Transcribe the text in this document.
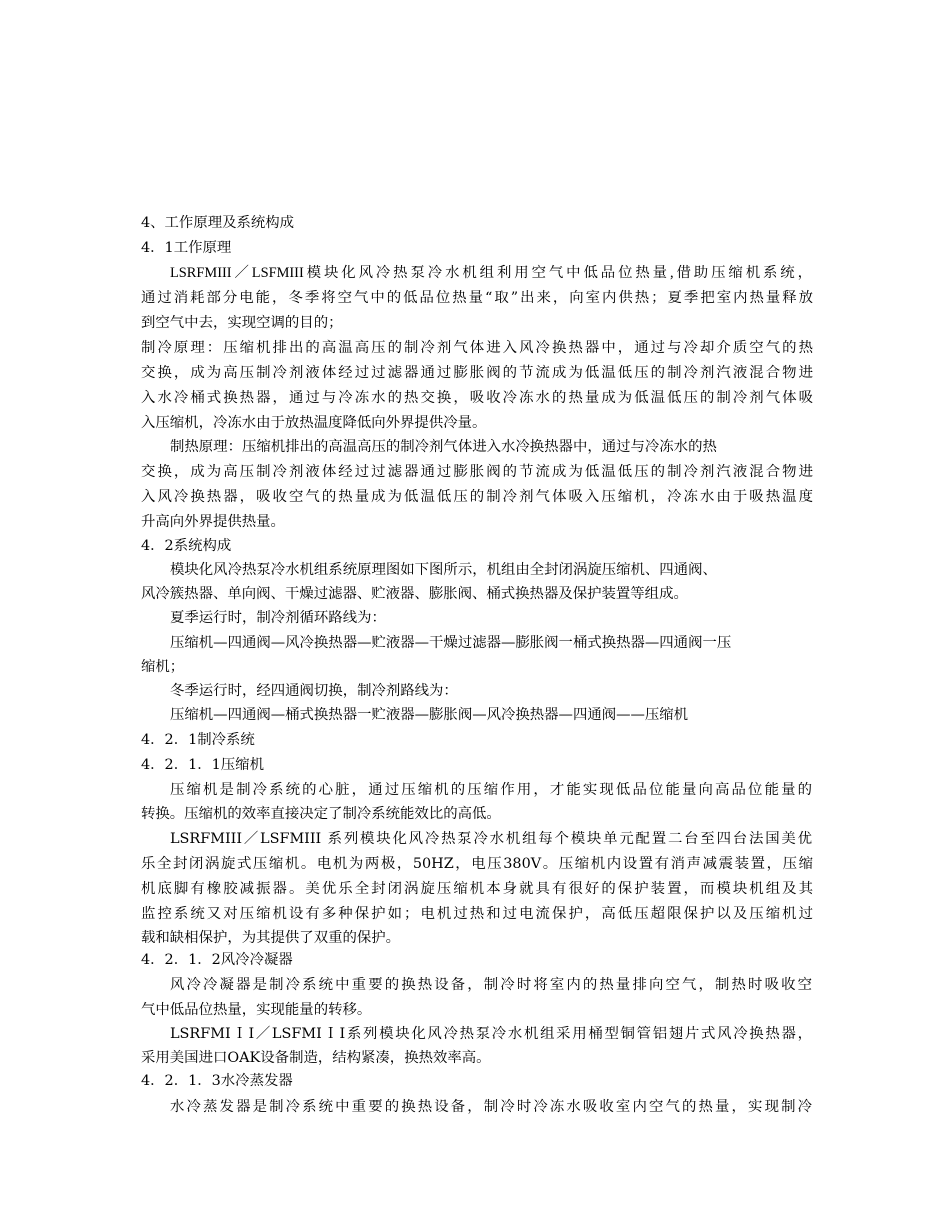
4、工作原理及系统构成
4．1工作原理
LSRFMIII／LSFMIII模块化风冷热泵冷水机组利用空气中低品位热量,借助压缩机系统，
通过消耗部分电能，冬季将空气中的低品位热量“取”出来，向室内供热；夏季把室内热量释放
到空气中去，实现空调的目的；
制冷原理：压缩机排出的高温高压的制冷剂气体进入风冷换热器中，通过与冷却介质空气的热
交换，成为高压制冷剂液体经过过滤器通过膨胀阀的节流成为低温低压的制冷剂汽液混合物进
入水冷桶式换热器，通过与冷冻水的热交换，吸收冷冻水的热量成为低温低压的制冷剂气体吸
入压缩机，冷冻水由于放热温度降低向外界提供冷量。
制热原理：压缩机排出的高温高压的制冷剂气体进入水冷换热器中，通过与冷冻水的热
交换，成为高压制冷剂液体经过过滤器通过膨胀阀的节流成为低温低压的制冷剂汽液混合物进
入风冷换热器，吸收空气的热量成为低温低压的制冷剂气体吸入压缩机，冷冻水由于吸热温度
升高向外界提供热量。
4．2系统构成
模块化风冷热泵冷水机组系统原理图如下图所示，机组由全封闭涡旋压缩机、四通阀、
风冷簇热器、单向阀、干燥过滤器、贮液器、膨胀阀、桶式换热器及保护装置等组成。
夏季运行时，制冷剂循环路线为：
压缩机—四通阀—风冷换热器—贮液器—干燥过滤器—膨胀阀一桶式换热器—四通阀一压
缩机；
冬季运行时，经四通阀切换，制冷剂路线为：
压缩机—四通阀—桶式换热器一贮液器—膨胀阀—风冷换热器—四通阀——压缩机
4．2．1制冷系统
4．2．1．1压缩机
压缩机是制冷系统的心脏，通过压缩机的压缩作用，才能实现低品位能量向高品位能量的
转换。压缩机的效率直接决定了制冷系统能效比的高低。
LSRFMIII／LSFMIII 系列模块化风冷热泵冷水机组每个模块单元配置二台至四台法国美优
乐全封闭涡旋式压缩机。电机为两极，50HZ，电压380V。压缩机内设置有消声减震装置，压缩
机底脚有橡胶减振器。美优乐全封闭涡旋压缩机本身就具有很好的保护装置，而模块机组及其
监控系统又对压缩机设有多种保护如；电机过热和过电流保护，高低压超限保护以及压缩机过
载和缺相保护，为其提供了双重的保护。
4．2．1．2风冷冷凝器
风冷冷凝器是制冷系统中重要的换热设备，制冷时将室内的热量排向空气，制热时吸收空
气中低品位热量，实现能量的转移。
LSRFMIＩI／LSFMIＩI系列模块化风冷热泵冷水机组采用桶型铜管铝翅片式风冷换热器，
采用美国进口OAK设备制造，结构紧凑，换热效率高。
4．2．1．3水冷蒸发器
水冷蒸发器是制冷系统中重要的换热设备，制冷时冷冻水吸收室内空气的热量，实现制冷
